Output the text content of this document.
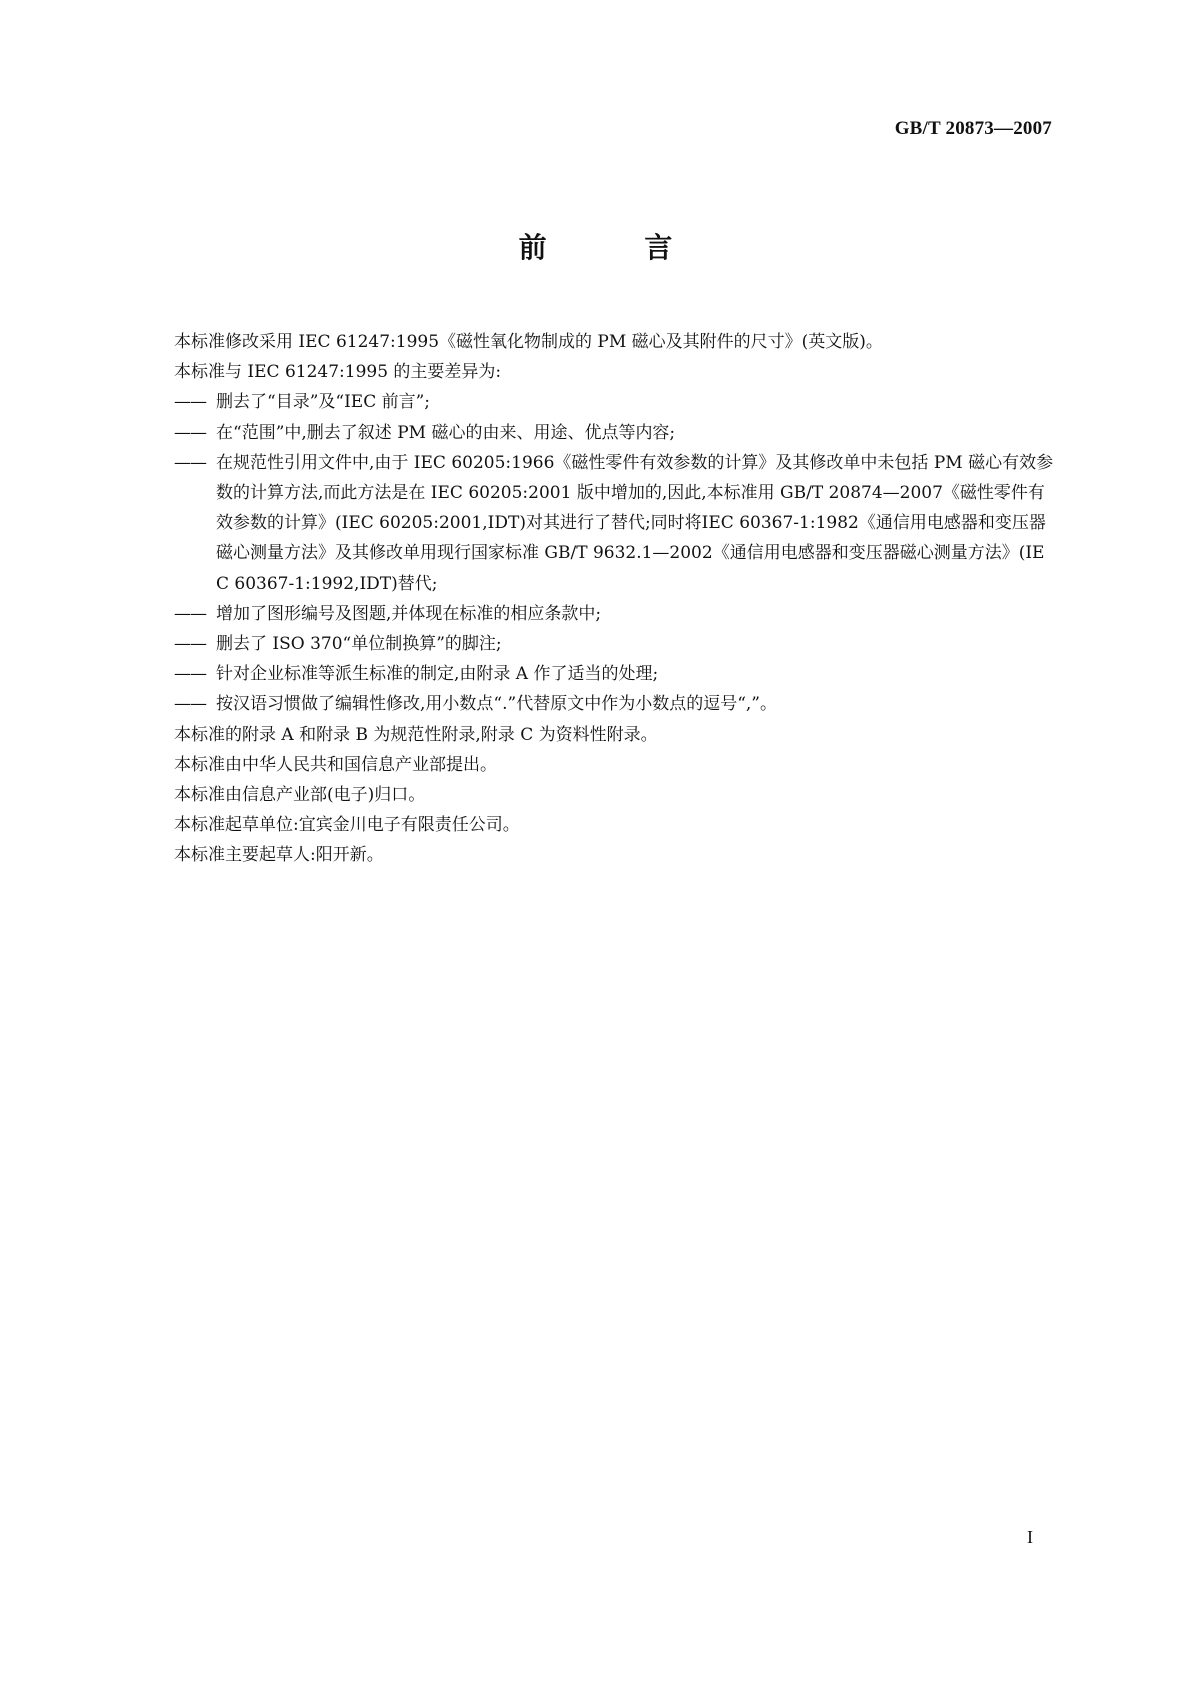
GB/T 20873—2007
前 言

本标准修改采用 IEC 61247:1995《磁性氧化物制成的 PM 磁心及其附件的尺寸》(英文版)。

本标准与 IEC 61247:1995 的主要差异为:

—— 删去了“目录”及“IEC 前言”;
—— 在“范围”中,删去了叙述 PM 磁心的由来、用途、优点等内容;
—— 在规范性引用文件中,由于 IEC 60205:1966《磁性零件有效参数的计算》及其修改单中未包括 PM 磁心有效参数的计算方法,而此方法是在 IEC 60205:2001 版中增加的,因此,本标准用 GB/T 20874—2007《磁性零件有效参数的计算》(IEC 60205:2001,IDT)对其进行了替代;同时将IEC 60367-1:1982《通信用电感器和变压器磁心测量方法》及其修改单用现行国家标准 GB/T 9632.1—2002《通信用电感器和变压器磁心测量方法》(IEC 60367-1:1992,IDT)替代;
—— 增加了图形编号及图题,并体现在标准的相应条款中;
—— 删去了 ISO 370“单位制换算”的脚注;
—— 针对企业标准等派生标准的制定,由附录 A 作了适当的处理;
—— 按汉语习惯做了编辑性修改,用小数点“.”代替原文中作为小数点的逗号“,”。

本标准的附录 A 和附录 B 为规范性附录,附录 C 为资料性附录。

本标准由中华人民共和国信息产业部提出。

本标准由信息产业部(电子)归口。

本标准起草单位:宜宾金川电子有限责任公司。

本标准主要起草人:阳开新。

I
